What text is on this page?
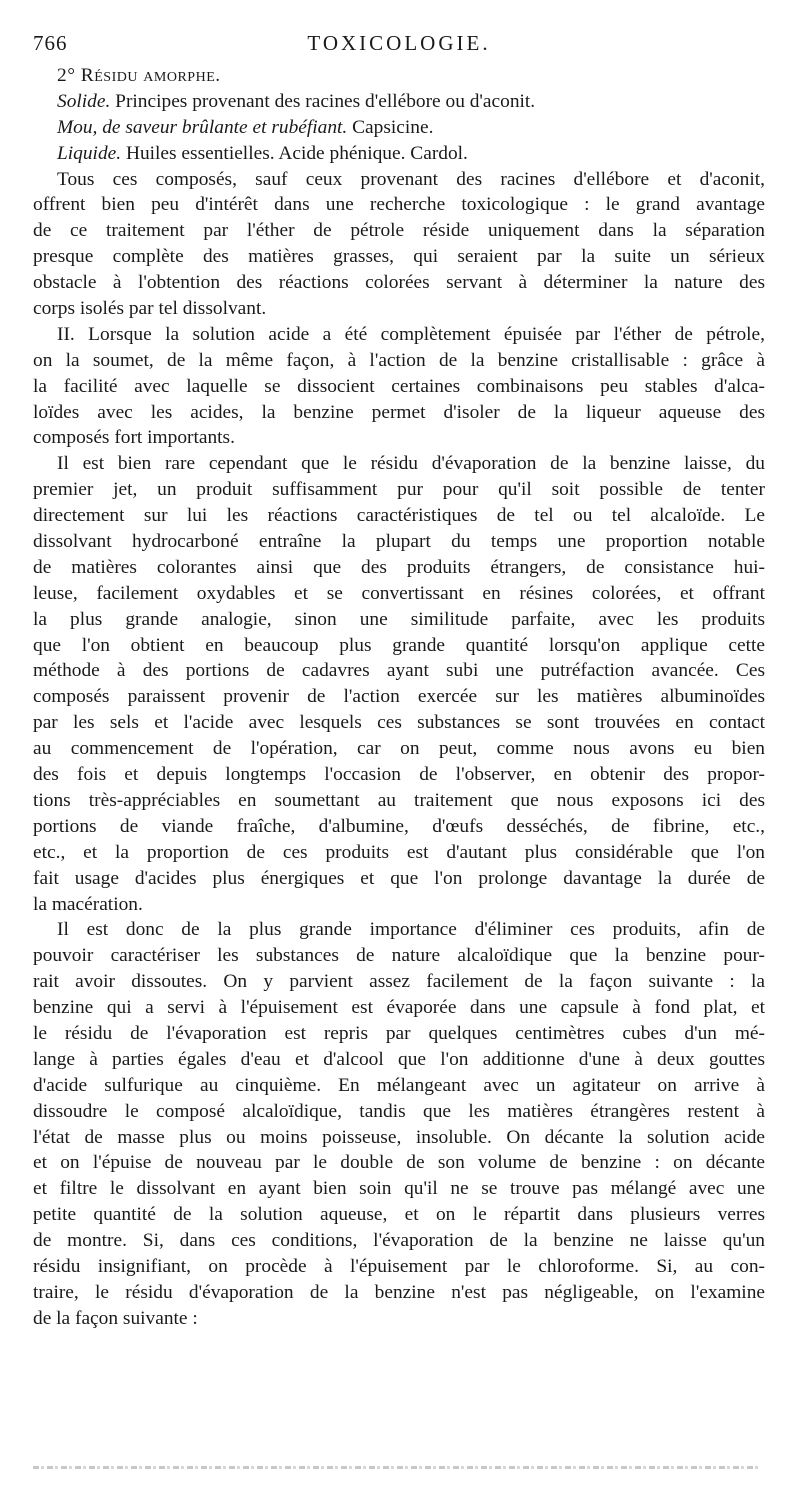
766	TOXICOLOGIE.
2° Résidu amorphe.
Solide. Principes provenant des racines d'ellébore ou d'aconit.
Mou, de saveur brûlante et rubéfiant. Capsicine.
Liquide. Huiles essentielles. Acide phénique. Cardol.
Tous ces composés, sauf ceux provenant des racines d'ellébore et d'aconit,
offrent bien peu d'intérêt dans une recherche toxicologique : le grand avantage
de ce traitement par l'éther de pétrole réside uniquement dans la séparation
presque complète des matières grasses, qui seraient par la suite un sérieux
obstacle à l'obtention des réactions colorées servant à déterminer la nature des
corps isolés par tel dissolvant.
II. Lorsque la solution acide a été complètement épuisée par l'éther de pétrole,
on la soumet, de la même façon, à l'action de la benzine cristallisable : grâce à
la facilité avec laquelle se dissocient certaines combinaisons peu stables d'alca-
loïdes avec les acides, la benzine permet d'isoler de la liqueur aqueuse des
composés fort importants.
Il est bien rare cependant que le résidu d'évaporation de la benzine laisse, du
premier jet, un produit suffisamment pur pour qu'il soit possible de tenter
directement sur lui les réactions caractéristiques de tel ou tel alcaloïde. Le
dissolvant hydrocarboné entraîne la plupart du temps une proportion notable
de matières colorantes ainsi que des produits étrangers, de consistance hui-
leuse, facilement oxydables et se convertissant en résines colorées, et offrant
la plus grande analogie, sinon une similitude parfaite, avec les produits
que l'on obtient en beaucoup plus grande quantité lorsqu'on applique cette
méthode à des portions de cadavres ayant subi une putréfaction avancée. Ces
composés paraissent provenir de l'action exercée sur les matières albuminoïdes
par les sels et l'acide avec lesquels ces substances se sont trouvées en contact
au commencement de l'opération, car on peut, comme nous avons eu bien
des fois et depuis longtemps l'occasion de l'observer, en obtenir des propor-
tions très-appréciables en soumettant au traitement que nous exposons ici des
portions de viande fraîche, d'albumine, d'œufs desséchés, de fibrine, etc.,
etc., et la proportion de ces produits est d'autant plus considérable que l'on
fait usage d'acides plus énergiques et que l'on prolonge davantage la durée de
la macération.
Il est donc de la plus grande importance d'éliminer ces produits, afin de
pouvoir caractériser les substances de nature alcaloïdique que la benzine pour-
rait avoir dissoutes. On y parvient assez facilement de la façon suivante : la
benzine qui a servi à l'épuisement est évaporée dans une capsule à fond plat, et
le résidu de l'évaporation est repris par quelques centimètres cubes d'un mé-
lange à parties égales d'eau et d'alcool que l'on additionne d'une à deux gouttes
d'acide sulfurique au cinquième. En mélangeant avec un agitateur on arrive à
dissoudre le composé alcaloïdique, tandis que les matières étrangères restent à
l'état de masse plus ou moins poisseuse, insoluble. On décante la solution acide
et on l'épuise de nouveau par le double de son volume de benzine : on décante
et filtre le dissolvant en ayant bien soin qu'il ne se trouve pas mélangé avec une
petite quantité de la solution aqueuse, et on le répartit dans plusieurs verres
de montre. Si, dans ces conditions, l'évaporation de la benzine ne laisse qu'un
résidu insignifiant, on procède à l'épuisement par le chloroforme. Si, au con-
traire, le résidu d'évaporation de la benzine n'est pas négligeable, on l'examine
de la façon suivante :
